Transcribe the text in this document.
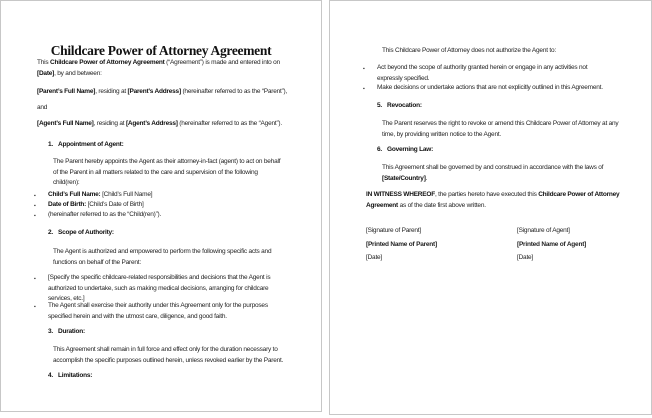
Childcare Power of Attorney Agreement
This Childcare Power of Attorney Agreement (“Agreement”) is made and entered into on
[Date], by and between:
[Parent’s Full Name], residing at [Parent’s Address] (hereinafter referred to as the “Parent”),
and
[Agent’s Full Name], residing at [Agent’s Address] (hereinafter referred to as the “Agent”).
1. Appointment of Agent:
The Parent hereby appoints the Agent as their attorney-in-fact (agent) to act on behalf
of the Parent in all matters related to the care and supervision of the following
child(ren):
▪ Child’s Full Name: [Child’s Full Name]
▪ Date of Birth: [Child’s Date of Birth]
▪ (hereinafter referred to as the “Child(ren)”).
2. Scope of Authority:
The Agent is authorized and empowered to perform the following specific acts and
functions on behalf of the Parent:
▪ [Specify the specific childcare-related responsibilities and decisions that the Agent is
authorized to undertake, such as making medical decisions, arranging for childcare
services, etc.]
▪ The Agent shall exercise their authority under this Agreement only for the purposes
specified herein and with the utmost care, diligence, and good faith.
3. Duration:
This Agreement shall remain in full force and effect only for the duration necessary to
accomplish the specific purposes outlined herein, unless revoked earlier by the Parent.
4. Limitations:
This Childcare Power of Attorney does not authorize the Agent to:
▪ Act beyond the scope of authority granted herein or engage in any activities not
expressly specified.
▪ Make decisions or undertake actions that are not explicitly outlined in this Agreement.
5. Revocation:
The Parent reserves the right to revoke or amend this Childcare Power of Attorney at any
time, by providing written notice to the Agent.
6. Governing Law:
This Agreement shall be governed by and construed in accordance with the laws of
[State/Country].
IN WITNESS WHEREOF, the parties hereto have executed this Childcare Power of Attorney
Agreement as of the date first above written.
[Signature of Parent]	[Signature of Agent]
[Printed Name of Parent]	[Printed Name of Agent]
[Date]	[Date]
